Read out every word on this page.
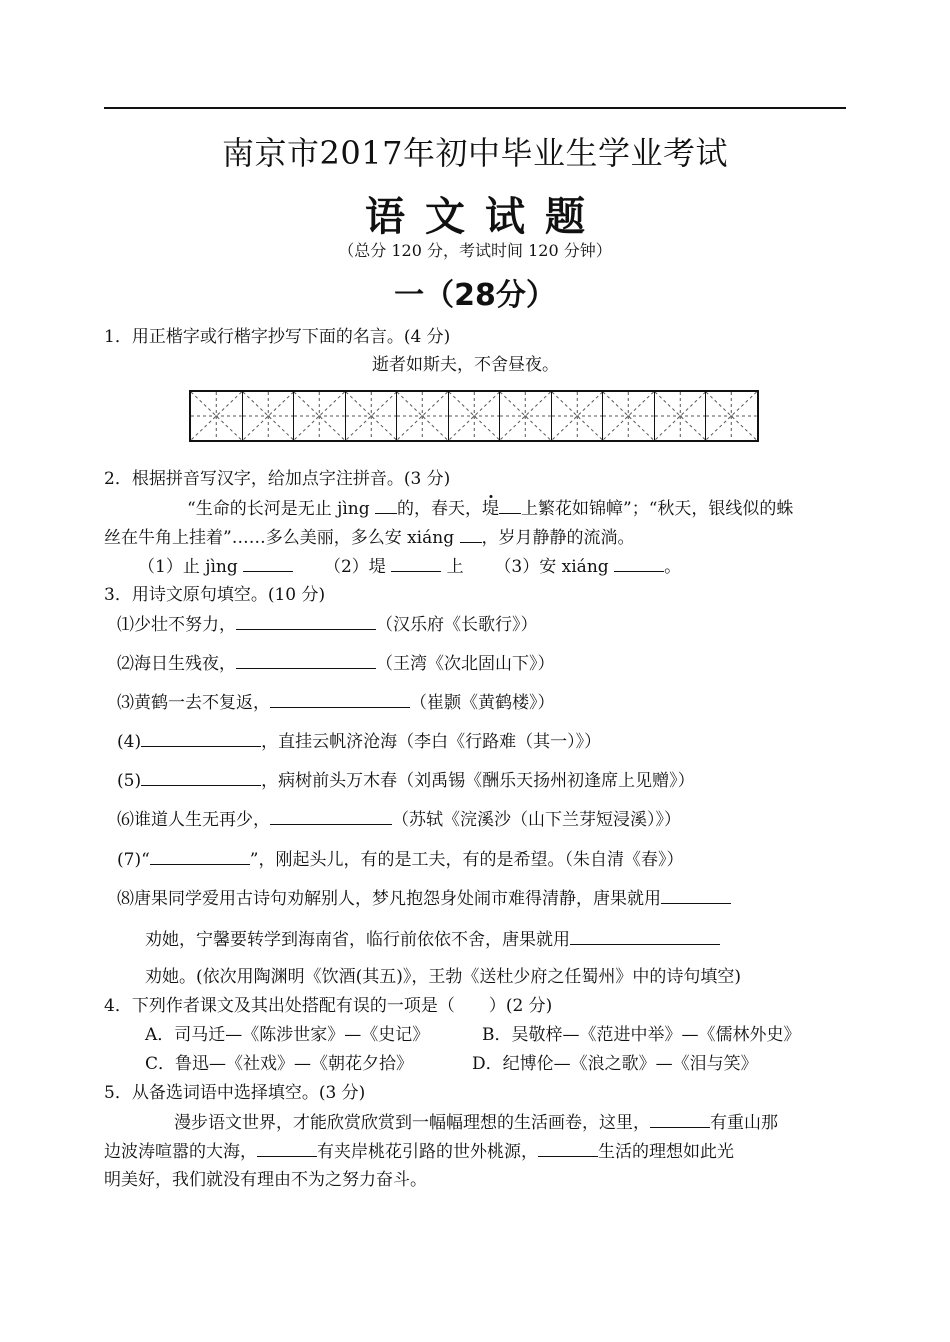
南京市2017年初中毕业生学业考试
语文试题
（总分 120 分，考试时间 120 分钟）
一（28分）
1．用正楷字或行楷字抄写下面的名言。(4 分)
逝者如斯夫，不舍昼夜。
2．根据拼音写汉字，给加点字注拼音。(3 分)
“生命的长河是无止 jìng 的，春天，堤 上繁花如锦幛”；“秋天，银线似的蛛
丝在牛角上挂着”……多么美丽，多么安 xiáng ，岁月静静的流淌。
（1）止 jìng	（2）堤	上 （3）安 xiáng	。
3．用诗文原句填空。(10 分)
⑴少壮不努力，	（汉乐府《长歌行》）
⑵海日生残夜，	（王湾《次北固山下》）
⑶黄鹤一去不复返，	（崔颢《黄鹤楼》）
(4)	，直挂云帆济沧海（李白《行路难（其一）》）
(5)	，病树前头万木春（刘禹锡《酬乐天扬州初逢席上见赠》）
⑹谁道人生无再少，	（苏轼《浣溪沙（山下兰芽短浸溪）》）
(7)“	”，刚起头儿，有的是工夫，有的是希望。（朱自清《春》）
⑻唐果同学爱用古诗句劝解别人，梦凡抱怨身处闹市难得清静，唐果就用
劝她，宁馨要转学到海南省，临行前依依不舍，唐果就用
劝她。(依次用陶渊明《饮酒(其五)》，王勃《送杜少府之任蜀州》中的诗句填空)
4．下列作者课文及其出处搭配有误的一项是（　　）(2 分)
A．司马迁—《陈涉世家》—《史记》	B．吴敬梓—《范进中举》—《儒林外史》
C．鲁迅—《社戏》—《朝花夕拾》	D．纪博伦—《浪之歌》—《泪与笑》
5．从备选词语中选择填空。(3 分)
漫步语文世界，才能欣赏欣赏到一幅幅理想的生活画卷，这里，	有重山那
边波涛喧嚣的大海，	有夹岸桃花引路的世外桃源，	生活的理想如此光
明美好，我们就没有理由不为之努力奋斗。
